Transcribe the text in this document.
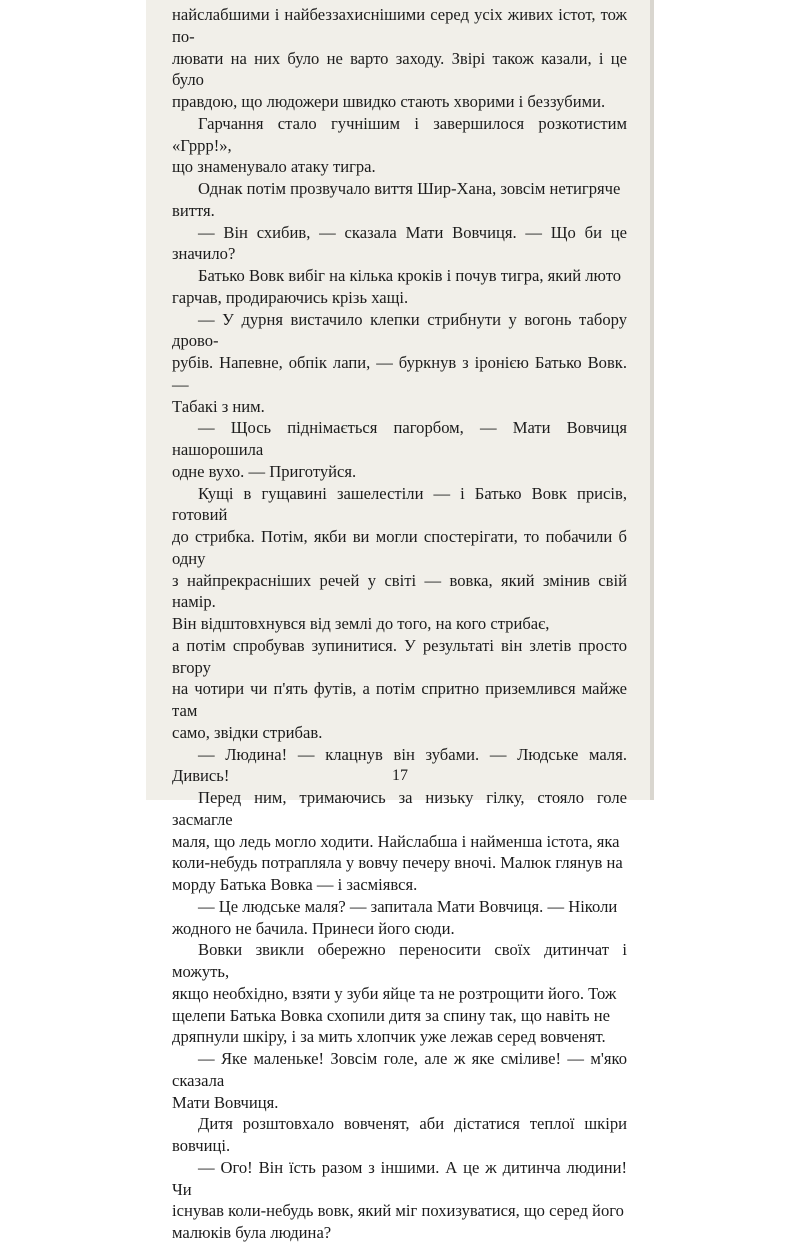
найслабшими і найбеззахиснішими серед усіх живих істот, тож по-
лювати на них було не варто заходу. Звірі також казали, і це було
правдою, що людожери швидко стають хворими і беззубими.

Гарчання стало гучнішим і завершилося розкотистим «Гррр!»,
що знаменувало атаку тигра.

Однак потім прозвучало виття Шир-Хана, зовсім нетигряче
виття.

— Він схибив, — сказала Мати Вовчиця. — Що би це значило?

Батько Вовк вибіг на кілька кроків і почув тигра, який люто
гарчав, продираючись крізь хащі.

— У дурня вистачило клепки стрибнути у вогонь табору дрово-
рубів. Напевне, обпік лапи, — буркнув з іронією Батько Вовк. —
Табакі з ним.

— Щось піднімається пагорбом, — Мати Вовчиця нашорошила
одне вухо. — Приготуйся.

Кущі в гущавині зашелестіли — і Батько Вовк присів, готовий
до стрибка. Потім, якби ви могли спостерігати, то побачили б одну
з найпрекрасніших речей у світі — вовка, який змінив свій намір.
Він відштовхнувся від землі до того, на кого стрибає,
а потім спробував зупинитися. У результаті він злетів просто вгору
на чотири чи п'ять футів, а потім спритно приземлився майже там
само, звідки стрибав.

— Людина! — клацнув він зубами. — Людське маля. Дивись!

Перед ним, тримаючись за низьку гілку, стояло голе засмагле
маля, що ледь могло ходити. Найслабша і найменша істота, яка
коли-небудь потрапляла у вовчу печеру вночі. Малюк глянув на
морду Батька Вовка — і засміявся.

— Це людське маля? — запитала Мати Вовчиця. — Ніколи
жодного не бачила. Принеси його сюди.

Вовки звикли обережно переносити своїх дитинчат і можуть,
якщо необхідно, взяти у зуби яйце та не розтрощити його. Тож
щелепи Батька Вовка схопили дитя за спину так, що навіть не
дряпнули шкіру, і за мить хлопчик уже лежав серед вовченят.

— Яке маленьке! Зовсім голе, але ж яке сміливе! — м'яко сказала
Мати Вовчиця.

Дитя розштовхало вовченят, аби дістатися теплої шкіри вовчиці.

— Ого! Він їсть разом з іншими. А це ж дитинча людини! Чи
існував коли-небудь вовк, який міг похизуватися, що серед його
малюків була людина?

17
